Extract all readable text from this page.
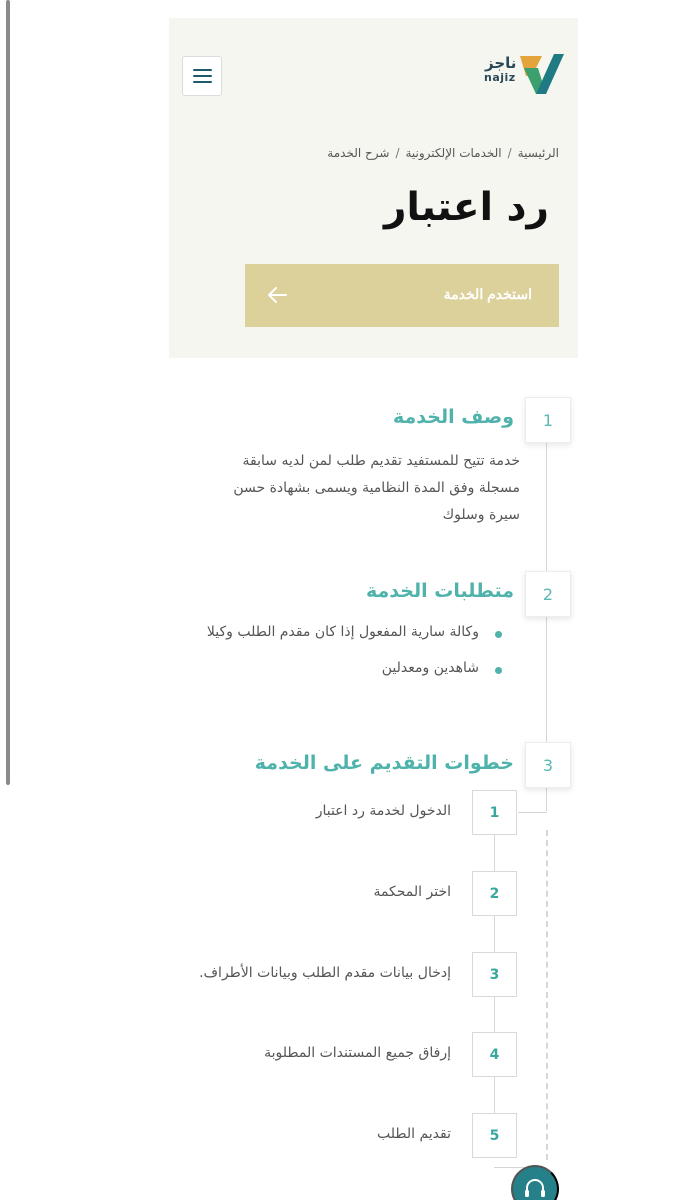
ناجز
najiz
الرئيسية/الخدمات الإلكترونية/شرح الخدمة
رد اعتبار
استخدم الخدمة
1
وصف الخدمة

خدمة تتيح للمستفيد تقديم طلب لمن لديه سابقة مسجلة وفق المدة النظامية ويسمى بشهادة حسن سيرة وسلوك

2
متطلبات الخدمة
وكالة سارية المفعول إذا كان مقدم الطلب وكيلا
شاهدين ومعدلين
3
خطوات التقديم على الخدمة
1
الدخول لخدمة رد اعتبار
2
اختر المحكمة
3
إدخال بيانات مقدم الطلب وبيانات الأطراف.
4
إرفاق جميع المستندات المطلوبة
5
تقديم الطلب
